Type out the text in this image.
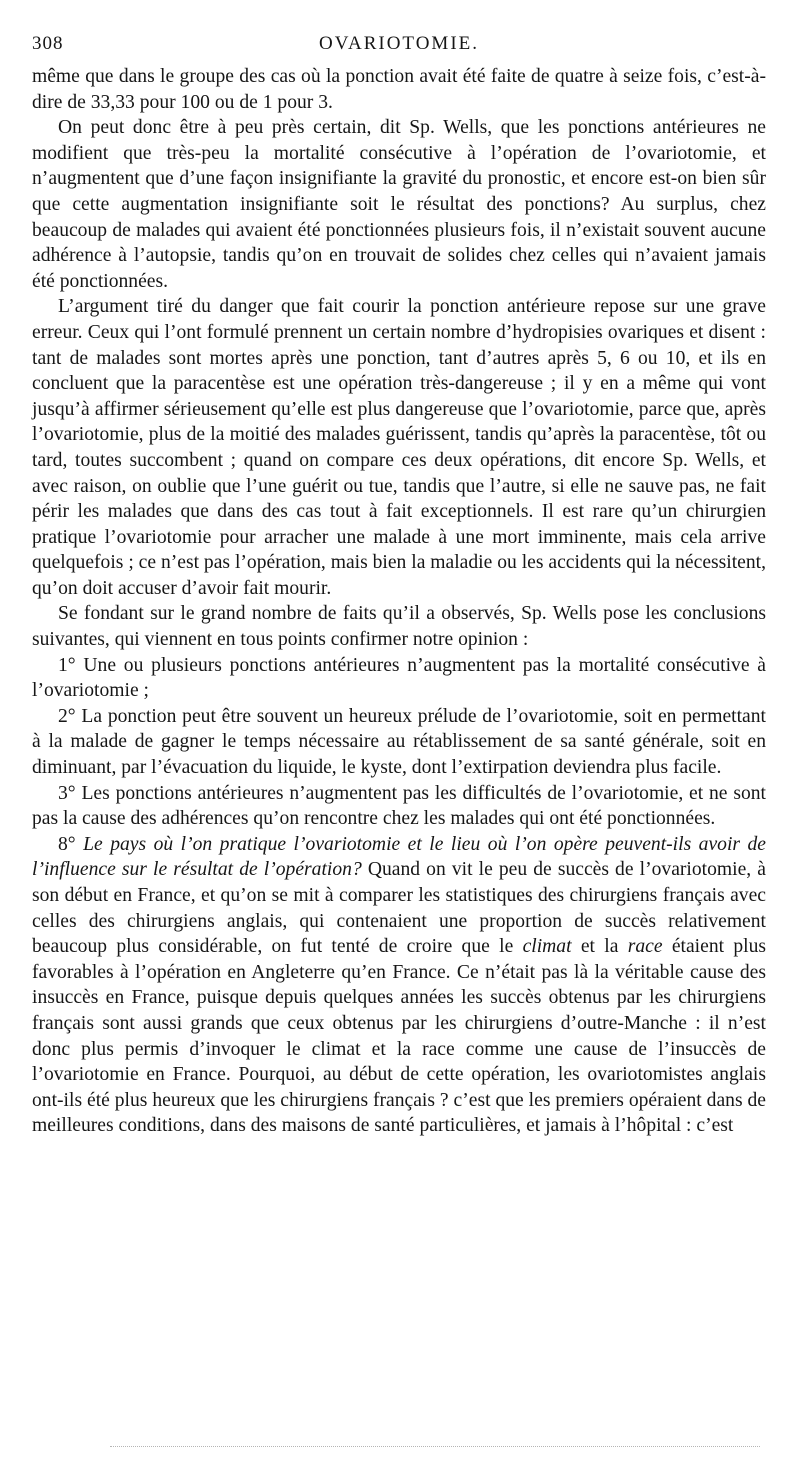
308	OVARIOTOMIE.

même que dans le groupe des cas où la ponction avait été faite de quatre à seize fois, c’est-à-dire de 33,33 pour 100 ou de 1 pour 3.

On peut donc être à peu près certain, dit Sp. Wells, que les ponctions antérieures ne modifient que très-peu la mortalité consécutive à l’opération de l’ovariotomie, et n’augmentent que d’une façon insignifiante la gravité du pronostic, et encore est-on bien sûr que cette augmentation insignifiante soit le résultat des ponctions? Au surplus, chez beaucoup de malades qui avaient été ponctionnées plusieurs fois, il n’existait souvent aucune adhérence à l’autopsie, tandis qu’on en trouvait de solides chez celles qui n’avaient jamais été ponctionnées.

L’argument tiré du danger que fait courir la ponction antérieure repose sur une grave erreur. Ceux qui l’ont formulé prennent un certain nombre d’hydropisies ovariques et disent : tant de malades sont mortes après une ponction, tant d’autres après 5, 6 ou 10, et ils en concluent que la paracentèse est une opération très-dangereuse ; il y en a même qui vont jusqu’à affirmer sérieusement qu’elle est plus dangereuse que l’ovariotomie, parce que, après l’ovariotomie, plus de la moitié des malades guérissent, tandis qu’après la paracentèse, tôt ou tard, toutes succombent ; quand on compare ces deux opérations, dit encore Sp. Wells, et avec raison, on oublie que l’une guérit ou tue, tandis que l’autre, si elle ne sauve pas, ne fait périr les malades que dans des cas tout à fait exceptionnels. Il est rare qu’un chirurgien pratique l’ovariotomie pour arracher une malade à une mort imminente, mais cela arrive quelquefois ; ce n’est pas l’opération, mais bien la maladie ou les accidents qui la nécessitent, qu’on doit accuser d’avoir fait mourir.

Se fondant sur le grand nombre de faits qu’il a observés, Sp. Wells pose les conclusions suivantes, qui viennent en tous points confirmer notre opinion :

1° Une ou plusieurs ponctions antérieures n’augmentent pas la mortalité consécutive à l’ovariotomie ;

2° La ponction peut être souvent un heureux prélude de l’ovariotomie, soit en permettant à la malade de gagner le temps nécessaire au rétablissement de sa santé générale, soit en diminuant, par l’évacuation du liquide, le kyste, dont l’extirpation deviendra plus facile.

3° Les ponctions antérieures n’augmentent pas les difficultés de l’ovariotomie, et ne sont pas la cause des adhérences qu’on rencontre chez les malades qui ont été ponctionnées.

8° Le pays où l’on pratique l’ovariotomie et le lieu où l’on opère peuvent-ils avoir de l’influence sur le résultat de l’opération? Quand on vit le peu de succès de l’ovariotomie, à son début en France, et qu’on se mit à comparer les statistiques des chirurgiens français avec celles des chirurgiens anglais, qui contenaient une proportion de succès relativement beaucoup plus considérable, on fut tenté de croire que le climat et la race étaient plus favorables à l’opération en Angleterre qu’en France. Ce n’était pas là la véritable cause des insuccès en France, puisque depuis quelques années les succès obtenus par les chirurgiens français sont aussi grands que ceux obtenus par les chirurgiens d’outre-Manche : il n’est donc plus permis d’invoquer le climat et la race comme une cause de l’insuccès de l’ovariotomie en France. Pourquoi, au début de cette opération, les ovariotomistes anglais ont-ils été plus heureux que les chirurgiens français ? c’est que les premiers opéraient dans de meilleures conditions, dans des maisons de santé particulières, et jamais à l’hôpital : c’est
